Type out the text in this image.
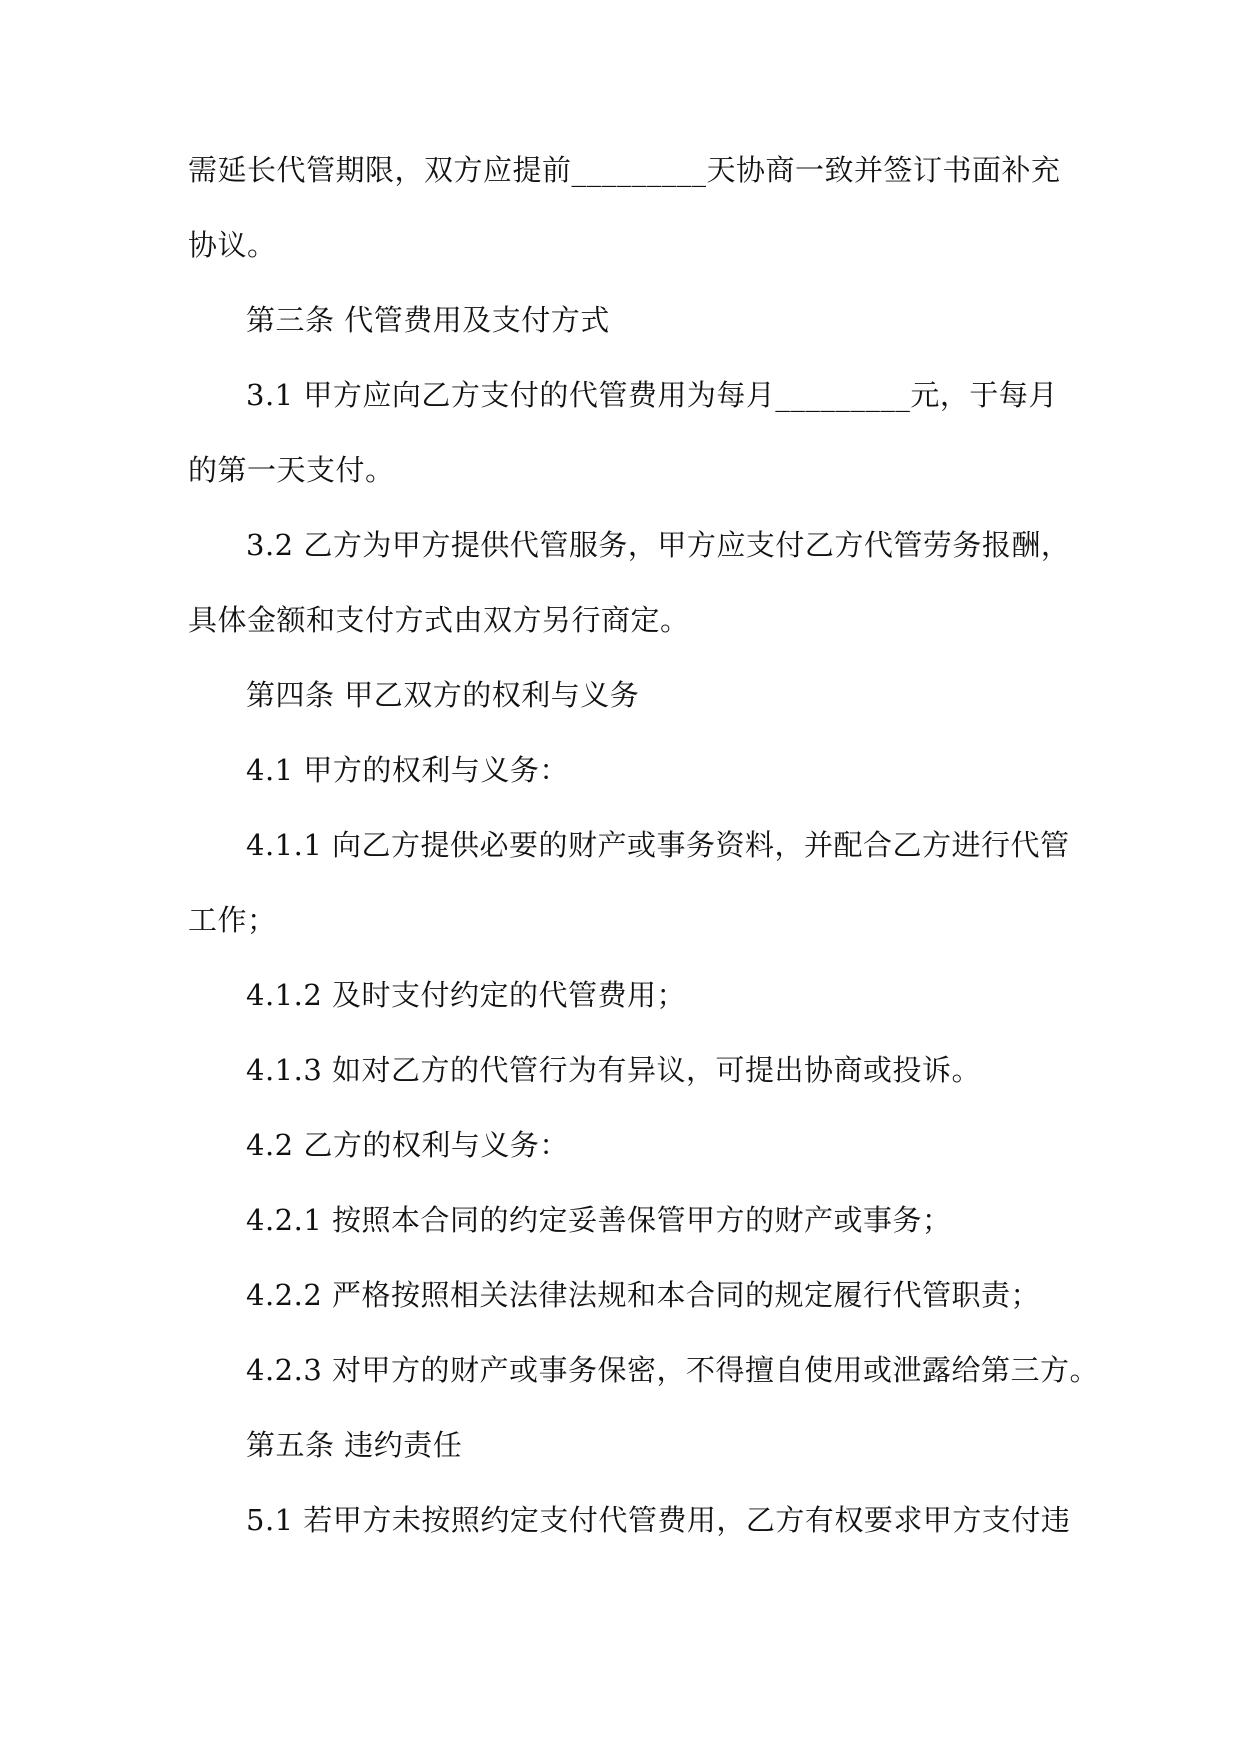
需延长代管期限，双方应提前_________天协商一致并签订书面补充
协议。
第三条 代管费用及支付方式
3.1 甲方应向乙方支付的代管费用为每月_________元，于每月
的第一天支付。
3.2 乙方为甲方提供代管服务，甲方应支付乙方代管劳务报酬，
具体金额和支付方式由双方另行商定。
第四条 甲乙双方的权利与义务
4.1 甲方的权利与义务：
4.1.1 向乙方提供必要的财产或事务资料，并配合乙方进行代管
工作；
4.1.2 及时支付约定的代管费用；
4.1.3 如对乙方的代管行为有异议，可提出协商或投诉。
4.2 乙方的权利与义务：
4.2.1 按照本合同的约定妥善保管甲方的财产或事务；
4.2.2 严格按照相关法律法规和本合同的规定履行代管职责；
4.2.3 对甲方的财产或事务保密，不得擅自使用或泄露给第三方。
第五条 违约责任
5.1 若甲方未按照约定支付代管费用，乙方有权要求甲方支付违
